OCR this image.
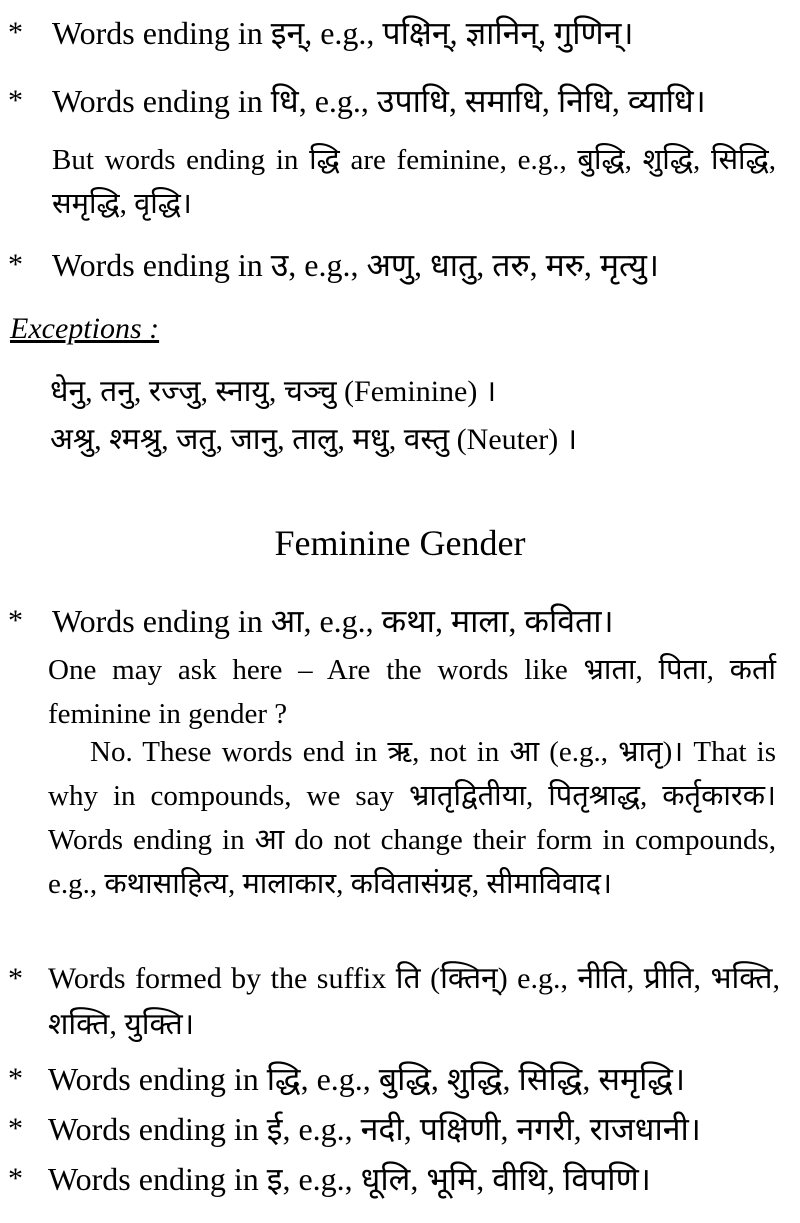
* Words ending in इन्, e.g., पक्षिन्, ज्ञानिन्, गुणिन्।
* Words ending in धि, e.g., उपाधि, समाधि, निधि, व्याधि।
But words ending in द्धि are feminine, e.g., बुद्धि, शुद्धि, सिद्धि, समृद्धि, वृद्धि।
* Words ending in उ, e.g., अणु, धातु, तरु, मरु, मृत्यु।
Exceptions :
धेनु, तनु, रज्जु, स्नायु, चञ्चु (Feminine) ।
अश्रु, श्मश्रु, जतु, जानु, तालु, मधु, वस्तु (Neuter) ।
Feminine Gender
* Words ending in आ, e.g., कथा, माला, कविता।
One may ask here – Are the words like भ्राता, पिता, कर्ता feminine in gender ?
No. These words end in ऋ, not in आ (e.g., भ्रातृ)। That is why in compounds, we say भ्रातृद्वितीया, पितृश्राद्ध, कर्तृकारक। Words ending in आ do not change their form in compounds, e.g., कथासाहित्य, मालाकार, कवितासंग्रह, सीमाविवाद।
* Words formed by the suffix ति (क्तिन्) e.g., नीति, प्रीति, भक्ति, शक्ति, युक्ति।
* Words ending in द्धि, e.g., बुद्धि, शुद्धि, सिद्धि, समृद्धि।
* Words ending in ई, e.g., नदी, पक्षिणी, नगरी, राजधानी।
* Words ending in इ, e.g., धूलि, भूमि, वीथि, विपणि।
